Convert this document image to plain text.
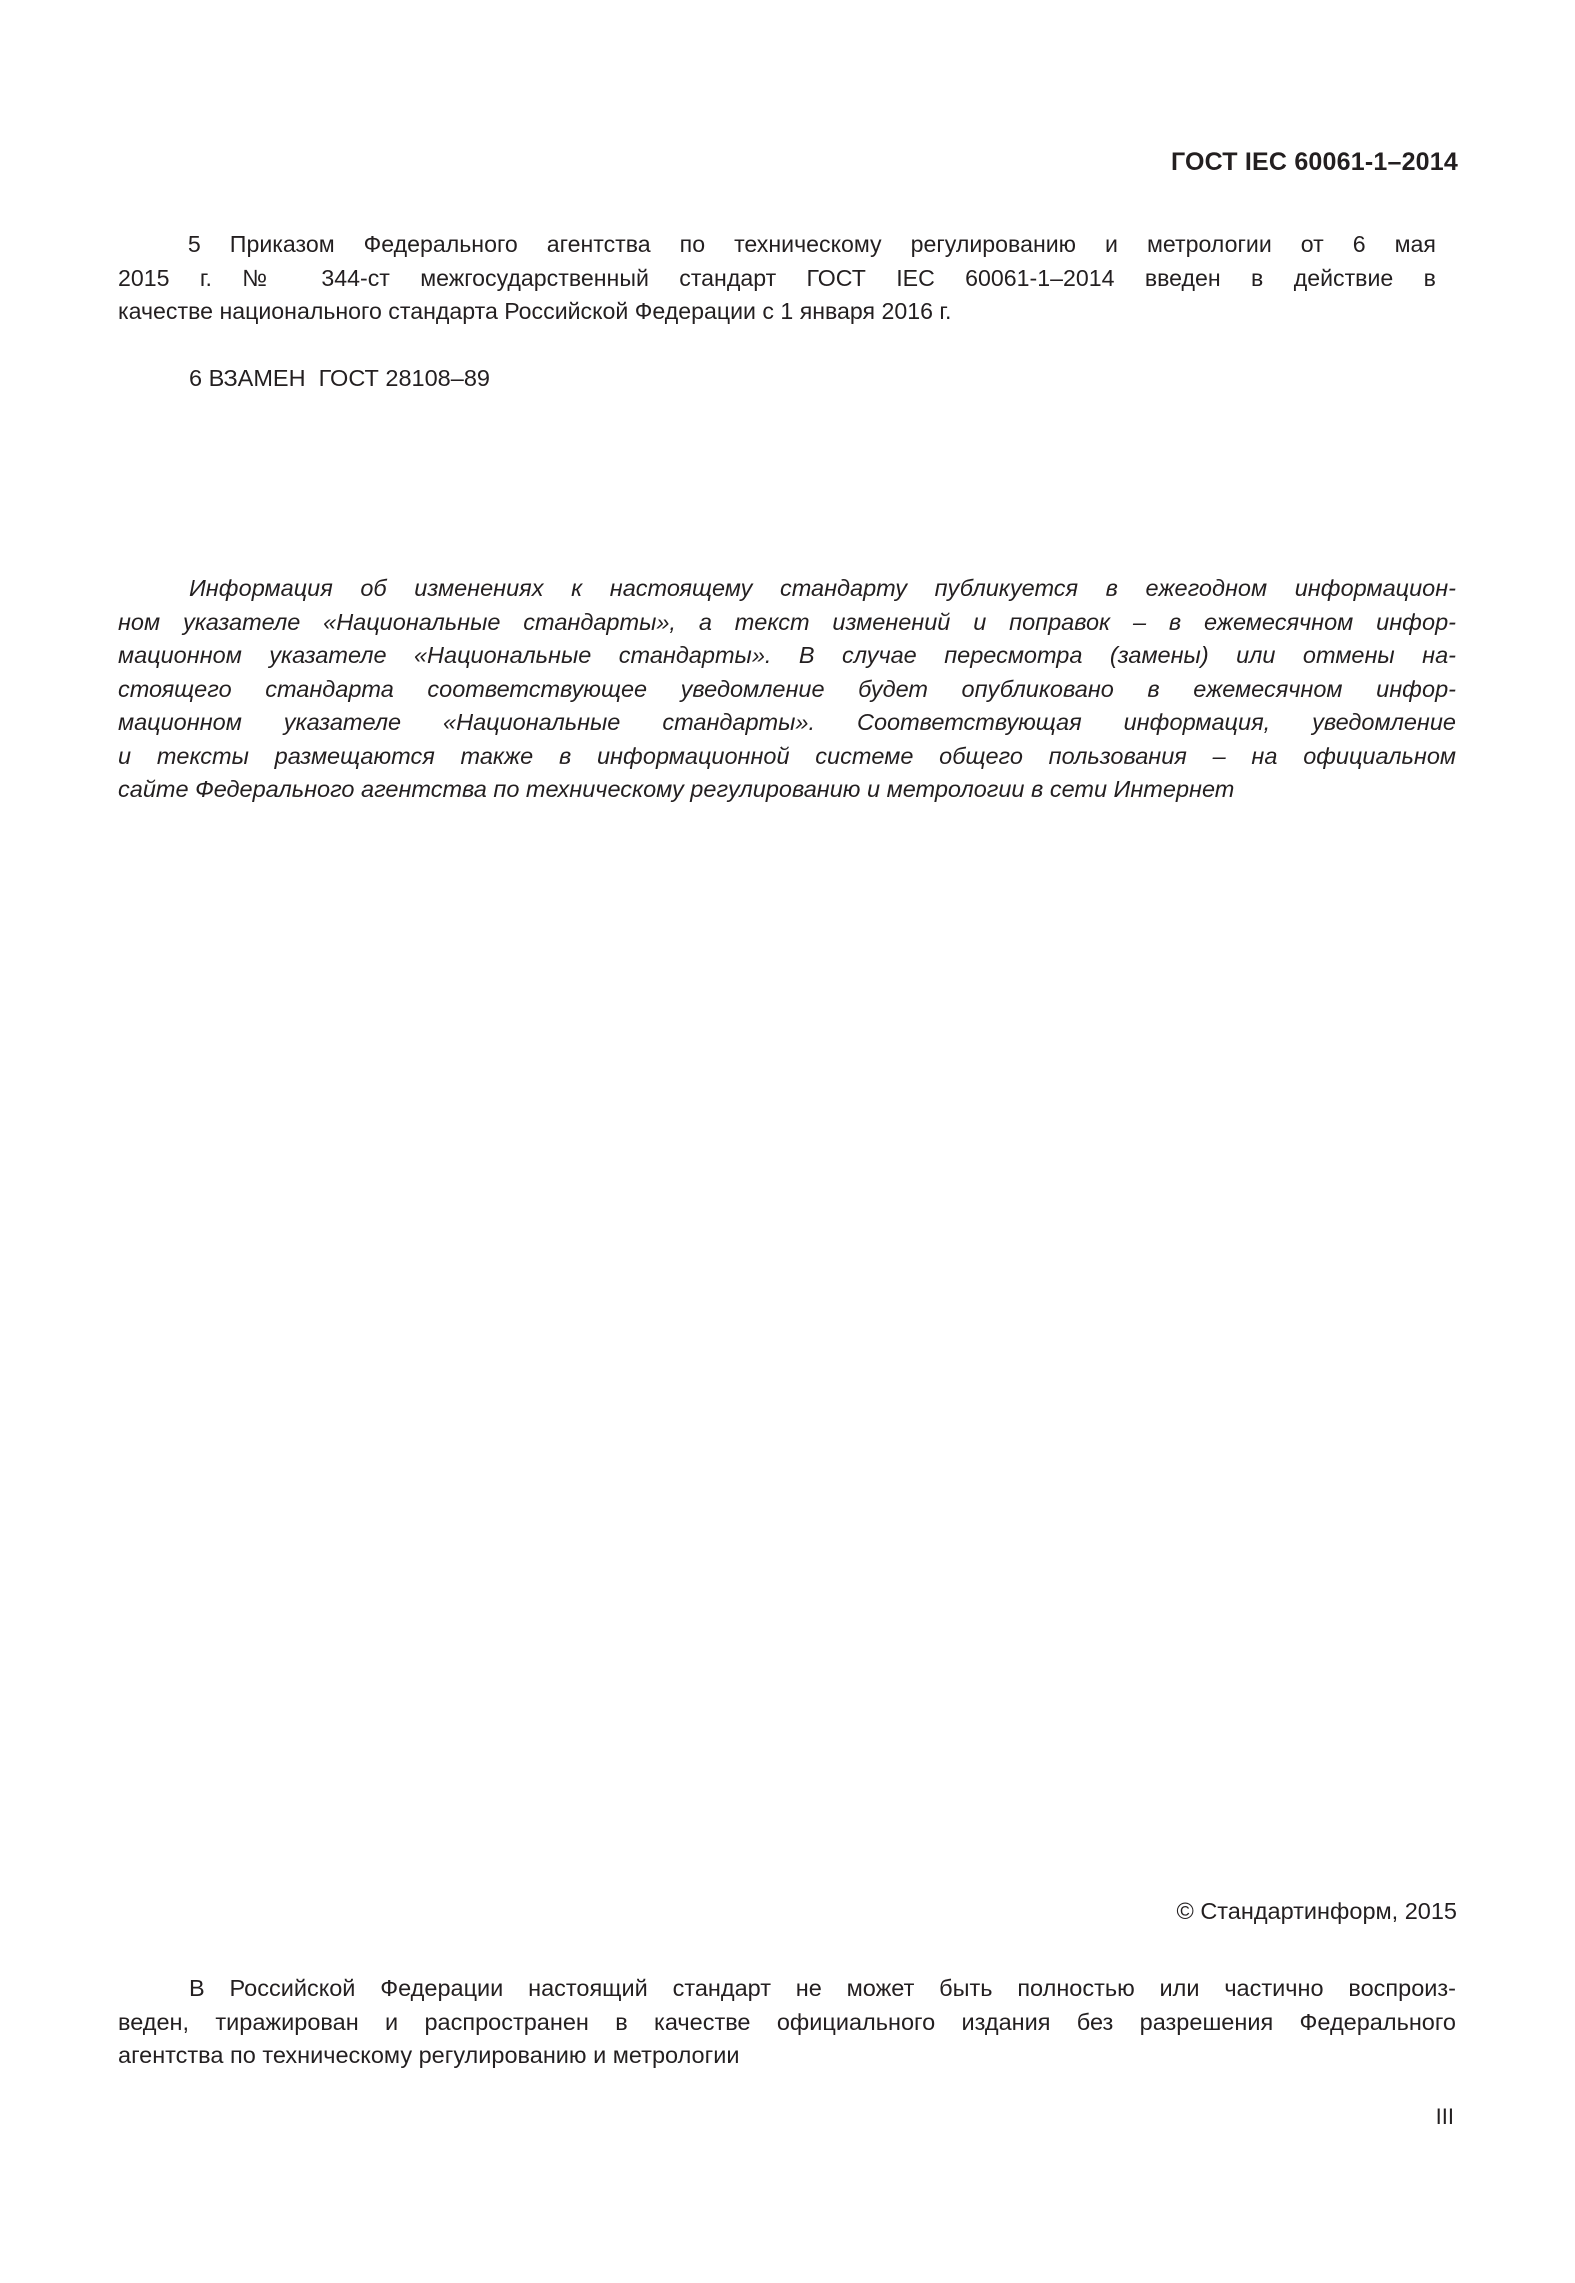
ГОСТ IEC 60061-1–2014
5 Приказом Федерального агентства по техническому регулированию и метрологии от 6 мая
2015 г. № 344-ст межгосударственный стандарт ГОСТ IEC 60061-1–2014 введен в действие в
качестве национального стандарта Российской Федерации с 1 января 2016 г.
6 ВЗАМЕН  ГОСТ 28108–89
Информация об изменениях к настоящему стандарту публикуется в ежегодном информацион-
ном указателе «Национальные стандарты», а текст изменений и поправок – в ежемесячном инфор-
мационном указателе «Национальные стандарты». В случае пересмотра (замены) или отмены на-
стоящего стандарта соответствующее уведомление будет опубликовано в ежемесячном инфор-
мационном указателе «Национальные стандарты». Соответствующая информация, уведомление
и тексты размещаются также в информационной системе общего пользования – на официальном
сайте Федерального агентства по техническому регулированию и метрологии в сети Интернет
© Стандартинформ, 2015
В Российской Федерации настоящий стандарт не может быть полностью или частично воспроиз-
веден, тиражирован и распространен в качестве официального издания без разрешения Федерального
агентства по техническому регулированию и метрологии
III
